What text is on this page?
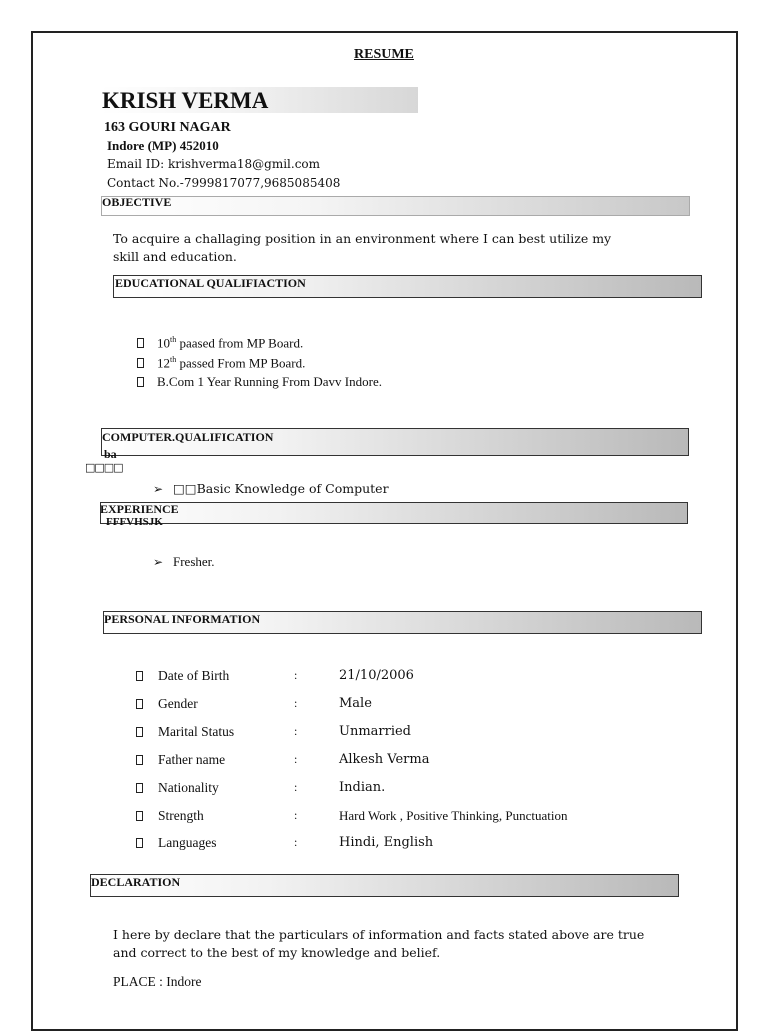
RESUME
KRISH VERMA
163 GOURI NAGAR
Indore (MP) 452010
Email ID: krishverma18@gmil.com
Contact No.-7999817077,9685085408
OBJECTIVE
To acquire a challaging position in an environment where I can best utilize my
skill and education.
EDUCATIONAL QUALIFIACTION
10th paased from MP Board.
12th passed From MP Board.
B.Com 1 Year Running From Davv Indore.
COMPUTER.QUALIFICATION
ba
□□□□
➢ □□Basic Knowledge of Computer
EXPERIENCE
FFFVHSJK
➢ Fresher.
PERSONAL INFORMATION
Date of Birth	:	21/10/2006
Gender	:	Male
Marital Status	:	Unmarried
Father name	:	Alkesh Verma
Nationality	:	Indian.
Strength	:	Hard Work , Positive Thinking, Punctuation
Languages	:	Hindi, English
DECLARATION
I here by declare that the particulars of information and facts stated above are true
and correct to the best of my knowledge and belief.
PLACE : Indore
